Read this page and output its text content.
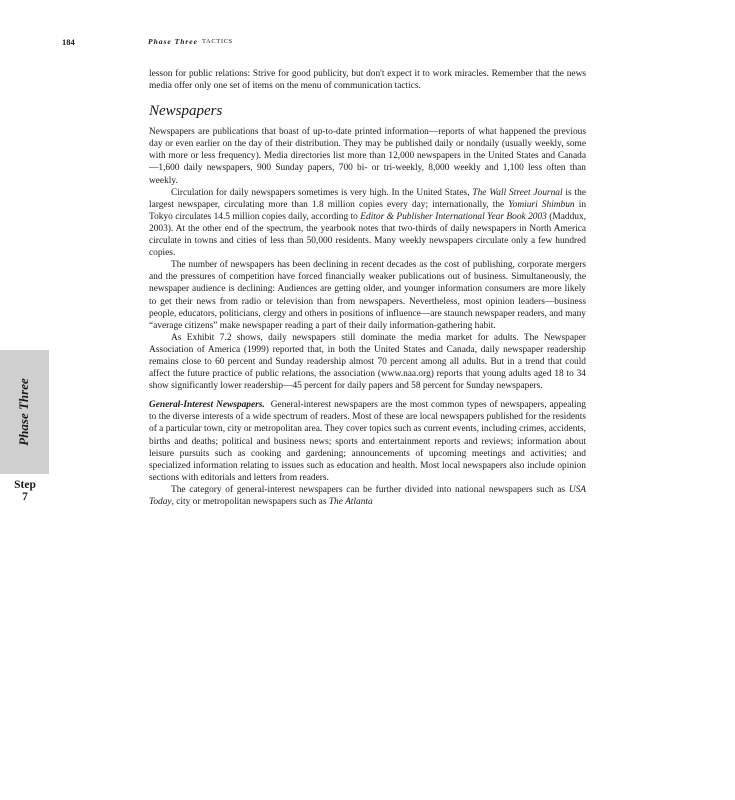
184	Phase Three TACTICS
Phase Three
Step
7

lesson for public relations: Strive for good publicity, but don't expect it to work miracles. Remember that the news media offer only one set of items on the menu of communication tactics.

Newspapers

Newspapers are publications that boast of up-to-date printed information—reports of what happened the previous day or even earlier on the day of their distribution. They may be published daily or nondaily (usually weekly, some with more or less frequency). Media directories list more than 12,000 newspapers in the United States and Canada—1,600 daily newspapers, 900 Sunday papers, 700 bi- or tri-weekly, 8,000 weekly and 1,100 less often than weekly.

Circulation for daily newspapers sometimes is very high. In the United States, The Wall Street Journal is the largest newspaper, circulating more than 1.8 million copies every day; internationally, the Yomiuri Shimbun in Tokyo circulates 14.5 million copies daily, according to Editor & Publisher International Year Book 2003 (Maddux, 2003). At the other end of the spectrum, the yearbook notes that two-thirds of daily newspapers in North America circulate in towns and cities of less than 50,000 residents. Many weekly newspapers circulate only a few hundred copies.

The number of newspapers has been declining in recent decades as the cost of publishing, corporate mergers and the pressures of competition have forced financially weaker publications out of business. Simultaneously, the newspaper audience is declining: Audiences are getting older, and younger information consumers are more likely to get their news from radio or television than from newspapers. Nevertheless, most opinion leaders—business people, educators, politicians, clergy and others in positions of influence—are staunch newspaper readers, and many “average citizens” make newspaper reading a part of their daily information-gathering habit.

As Exhibit 7.2 shows, daily newspapers still dominate the media market for adults. The Newspaper Association of America (1999) reported that, in both the United States and Canada, daily newspaper readership remains close to 60 percent and Sunday readership almost 70 percent among all adults. But in a trend that could affect the future practice of public relations, the association (www.naa.org) reports that young adults aged 18 to 34 show significantly lower readership—45 percent for daily papers and 58 percent for Sunday newspapers.

General-Interest Newspapers. General-interest newspapers are the most common types of newspapers, appealing to the diverse interests of a wide spectrum of readers. Most of these are local newspapers published for the residents of a particular town, city or metropolitan area. They cover topics such as current events, including crimes, accidents, births and deaths; political and business news; sports and entertainment reports and reviews; information about leisure pursuits such as cooking and gardening; announcements of upcoming meetings and activities; and specialized information relating to issues such as education and health. Most local newspapers also include opinion sections with editorials and letters from readers.

The category of general-interest newspapers can be further divided into national newspapers such as USA Today, city or metropolitan newspapers such as The Atlanta
